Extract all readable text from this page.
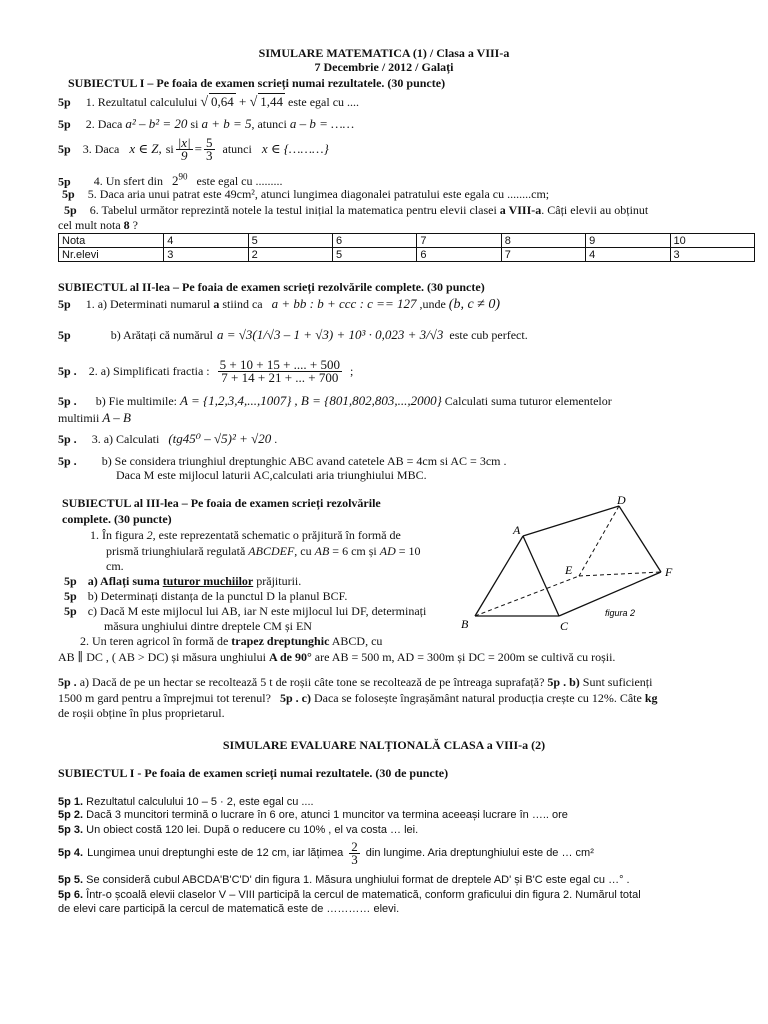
SIMULARE MATEMATICA (1) / Clasa a VIII-a
7 Decembrie / 2012 / Galați
SUBIECTUL I – Pe foaia de examen scrieți numai rezultatele. (30 puncte)
5p 1. Rezultatul calculului √ 0,64 + √ 1,44 este egal cu ....
5p 2. Daca a² – b² = 20 si a + b = 5, atunci a – b = ……
5p 3. Daca x ∈ Z, si $\frac{|x|}{9} = \frac{5}{3}$ atunci x ∈ {………}
5p 4. Un sfert din $2^{90}$ este egal cu .........
5p 5. Daca aria unui patrat este 49cm², atunci lungimea diagonalei patratului este egala cu ........cm;
5p 6. Tabelul următor reprezintă notele la testul inițial la matematica pentru elevii clasei a VIII-a. Câți elevii au obținut
cel mult nota 8 ?
Nota	4	5	6	7	8	9	10
Nr.elevi	3	2	5	6	7	4	3
SUBIECTUL al II-lea – Pe foaia de examen scrieți rezolvările complete. (30 puncte)
5p 1. a) Determinati numarul a stiind ca a + bb : b + ccc : c == 127 ,unde (b, c ≠ 0)
5p	b) Arătați că numărul a = √3(1/√3 – 1 + √3) + 10³ · 0,023 + 3/√3 este cub perfect.
5p . 2. a) Simplificati fractia : $\frac{5 + 10 + 15 + .... + 500}{7 + 14 + 21 + ... + 700}$ ;
5p . b) Fie multimile: A = {1,2,3,4,...,1007} , B = {801,802,803,...,2000} Calculati suma tuturor elementelor
multimii A – B
5p . 3. a) Calculati (tg45⁰ – √5)² + √20 .
5p . b) Se considera triunghiul dreptunghic ABC avand catetele AB = 4cm si AC = 3cm .
Daca M este mijlocul laturii AC,calculati aria triunghiului MBC.
SUBIECTUL al III-lea – Pe foaia de examen scrieți rezolvările
complete. (30 puncte)
1. În figura 2, este reprezentată schematic o prăjitură în formă de
prismă triunghiulară regulată ABCDEF, cu AB = 6 cm și AD = 10
cm.
5p a) Aflați suma tuturor muchiilor prăjiturii.
5p b) Determinați distanța de la punctul D la planul BCF.
5p c) Dacă M este mijlocul lui AB, iar N este mijlocul lui DF, determinați
măsura unghiului dintre dreptele CM și EN
2. Un teren agricol în formă de trapez dreptunghic ABCD, cu
AB ∥ DC , ( AB > DC) și măsura unghiului A de 90° are AB = 500 m, AD = 300m și DC = 200m se cultivă cu roșii.
5p . a) Dacă de pe un hectar se recoltează 5 t de roșii câte tone se recoltează de pe întreaga suprafață? 5p . b) Sunt suficienți
1500 m gard pentru a împrejmui tot terenul? 5p . c) Daca se folosește îngrașământ natural producția crește cu 12%. Câte kg
de roșii obține în plus proprietarul.
A
B	C
D
E	F
figura 2
SIMULARE EVALUARE NALȚIONALĂ CLASA a VIII-a (2)
SUBIECTUL I - Pe foaia de examen scrieți numai rezultatele. (30 de puncte)
5p 1. Rezultatul calculului 10 – 5 · 2, este egal cu ....
5p 2. Dacă 3 muncitori termină o lucrare în 6 ore, atunci 1 muncitor va termina aceeași lucrare în ….. ore
5p 3. Un obiect costă 120 lei. După o reducere cu 10% , el va costa … lei.
5p 4. Lungimea unui dreptunghi este de 12 cm, iar lățimea $\frac{2}{3}$ din lungime. Aria dreptunghiului este de … cm²
5p 5. Se consideră cubul ABCDA'B'C'D' din figura 1. Măsura unghiului format de dreptele AD' și B'C este egal cu …° .
5p 6. Într-o școală elevii claselor V – VIII participă la cercul de matematică, conform graficului din figura 2. Numărul total
de elevi care participă la cercul de matematică este de ………… elevi.
